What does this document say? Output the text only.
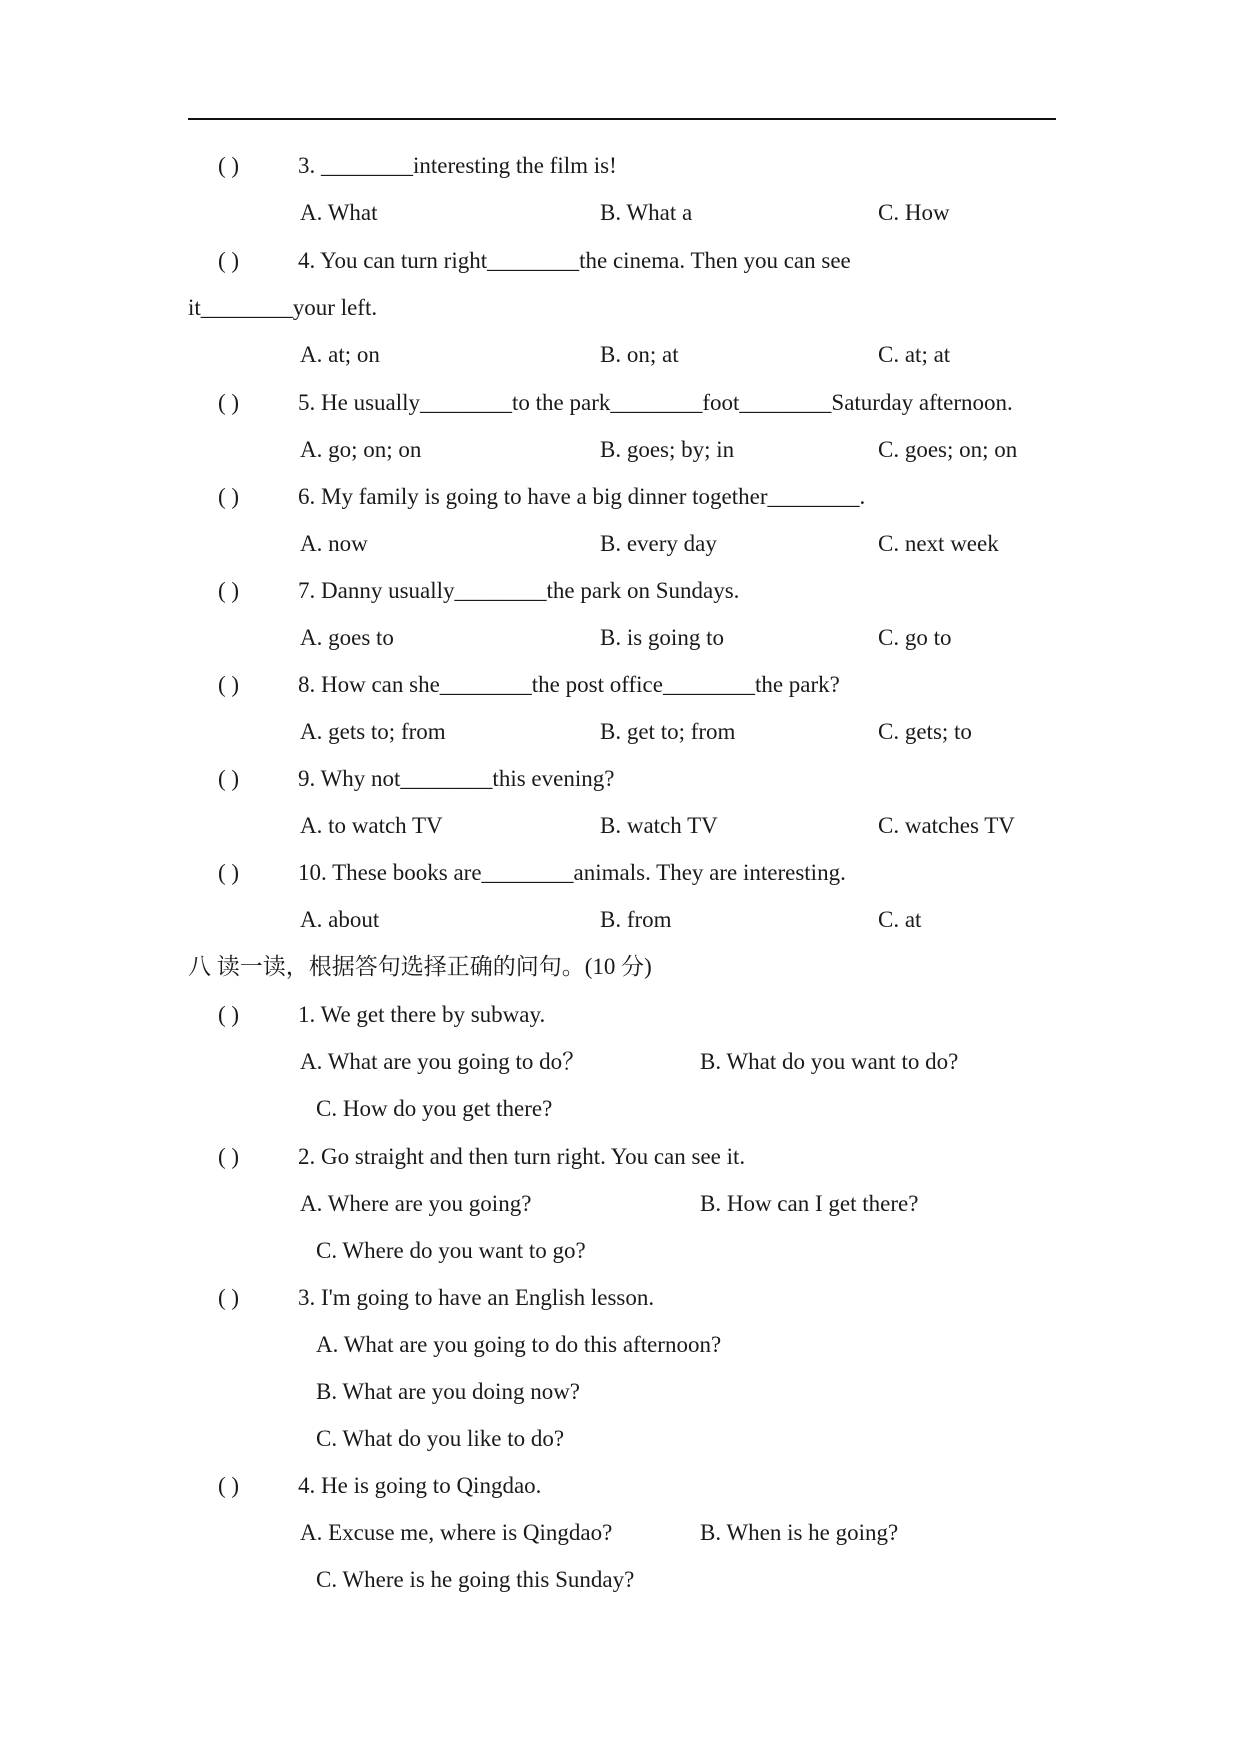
( )	3. ________interesting the film is!
A. What	B. What a	C. How
( )	4. You can turn right________the cinema. Then you can see
it________your left.
A. at; on	B. on; at	C. at; at
( )	5. He usually________to the park________foot________Saturday afternoon.
A. go; on; on	B. goes; by; in	C. goes; on; on
( )	6. My family is going to have a big dinner together________.
A. now	B. every day	C. next week
( )	7. Danny usually________the park on Sundays.
A. goes to	B. is going to	C. go to
( )	8. How can she________the post office________the park?
A. gets to; from	B. get to; from	C. gets; to
( )	9. Why not________this evening?
A. to watch TV	B. watch TV	C. watches TV
( )	10. These books are________animals. They are interesting.
A. about	B. from	C. at
八 读一读，根据答句选择正确的问句。(10 分)
( )	1. We get there by subway.
A. What are you going to do？	B. What do you want to do?
C. How do you get there?
( )	2. Go straight and then turn right. You can see it.
A. Where are you going?	B. How can I get there?
C. Where do you want to go?
( )	3. I'm going to have an English lesson.
A. What are you going to do this afternoon?
B. What are you doing now?
C. What do you like to do?
( )	4. He is going to Qingdao.
A. Excuse me, where is Qingdao?	B. When is he going?
C. Where is he going this Sunday?
